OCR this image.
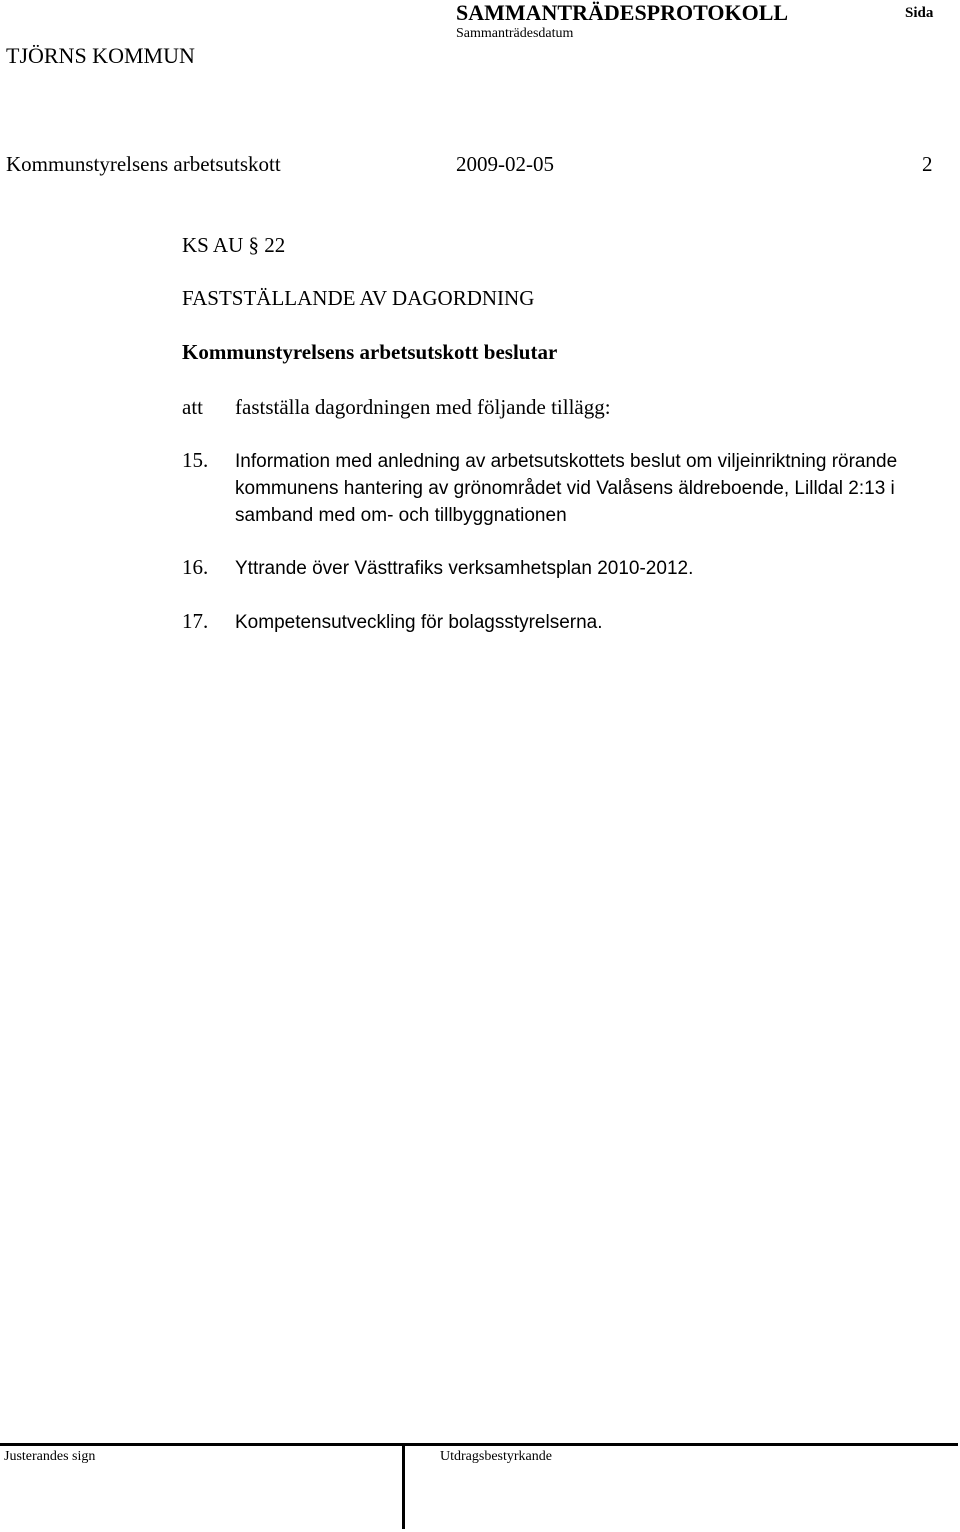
TJÖRNS KOMMUN
SAMMANTRÄDESPROTOKOLL
Sammanträdesdatum
Sida
Kommunstyrelsens arbetsutskott	2009-02-05	2
KS AU § 22
FASTSTÄLLANDE AV DAGORDNING
Kommunstyrelsens arbetsutskott beslutar
att fastställa dagordningen med följande tillägg:
15. Information med anledning av arbetsutskottets beslut om viljeinriktning rörande kommunens hantering av grönområdet vid Valåsens äldreboende, Lilldal 2:13 i samband med om- och tillbyggnationen
16. Yttrande över Västtrafiks verksamhetsplan 2010-2012.
17. Kompetensutveckling för bolagsstyrelserna.
Justerandes sign	Utdragsbestyrkande
